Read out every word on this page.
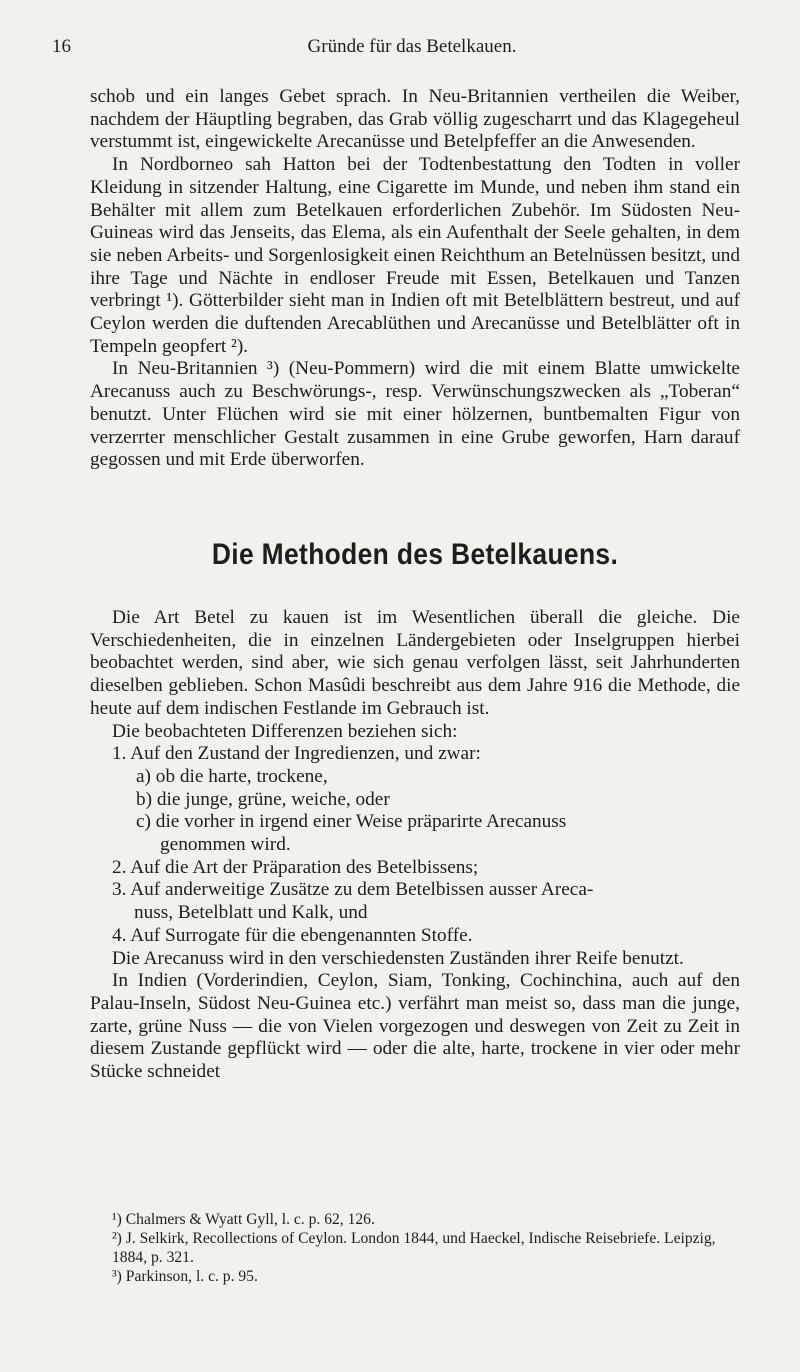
16	Gründe für das Betelkauen.

schob und ein langes Gebet sprach. In Neu-Britannien vertheilen die Weiber, nachdem der Häuptling begraben, das Grab völlig zugescharrt und das Klagegeheul verstummt ist, eingewickelte Arecanüsse und Betelpfeffer an die Anwesenden.

In Nordborneo sah Hatton bei der Todtenbestattung den Todten in voller Kleidung in sitzender Haltung, eine Cigarette im Munde, und neben ihm stand ein Behälter mit allem zum Betelkauen erforderlichen Zubehör. Im Südosten Neu-Guineas wird das Jenseits, das Elema, als ein Aufenthalt der Seele gehalten, in dem sie neben Arbeits- und Sorgenlosigkeit einen Reichthum an Betelnüssen besitzt, und ihre Tage und Nächte in endloser Freude mit Essen, Betelkauen und Tanzen verbringt ¹). Götterbilder sieht man in Indien oft mit Betelblättern bestreut, und auf Ceylon werden die duftenden Arecablüthen und Arecanüsse und Betelblätter oft in Tempeln geopfert ²).

In Neu-Britannien ³) (Neu-Pommern) wird die mit einem Blatte umwickelte Arecanuss auch zu Beschwörungs-, resp. Verwünschungszwecken als „Toberan“ benutzt. Unter Flüchen wird sie mit einer hölzernen, buntbemalten Figur von verzerrter menschlicher Gestalt zusammen in eine Grube geworfen, Harn darauf gegossen und mit Erde überworfen.

Die Methoden des Betelkauens.

Die Art Betel zu kauen ist im Wesentlichen überall die gleiche. Die Verschiedenheiten, die in einzelnen Ländergebieten oder Inselgruppen hierbei beobachtet werden, sind aber, wie sich genau verfolgen lässt, seit Jahrhunderten dieselben geblieben. Schon Masûdi beschreibt aus dem Jahre 916 die Methode, die heute auf dem indischen Festlande im Gebrauch ist.

Die beobachteten Differenzen beziehen sich:

1. Auf den Zustand der Ingredienzen, und zwar:
a) ob die harte, trockene,
b) die junge, grüne, weiche, oder
c) die vorher in irgend einer Weise präparirte Arecanuss
genommen wird.
2. Auf die Art der Präparation des Betelbissens;
3. Auf anderweitige Zusätze zu dem Betelbissen ausser Areca-
nuss, Betelblatt und Kalk, und
4. Auf Surrogate für die ebengenannten Stoffe.

Die Arecanuss wird in den verschiedensten Zuständen ihrer Reife benutzt.

In Indien (Vorderindien, Ceylon, Siam, Tonking, Cochinchina, auch auf den Palau-Inseln, Südost Neu-Guinea etc.) verfährt man meist so, dass man die junge, zarte, grüne Nuss — die von Vielen vorgezogen und deswegen von Zeit zu Zeit in diesem Zustande gepflückt wird — oder die alte, harte, trockene in vier oder mehr Stücke schneidet

¹) Chalmers & Wyatt Gyll, l. c. p. 62, 126.

²) J. Selkirk, Recollections of Ceylon. London 1844, und Haeckel, Indische Reisebriefe. Leipzig, 1884, p. 321.

³) Parkinson, l. c. p. 95.
